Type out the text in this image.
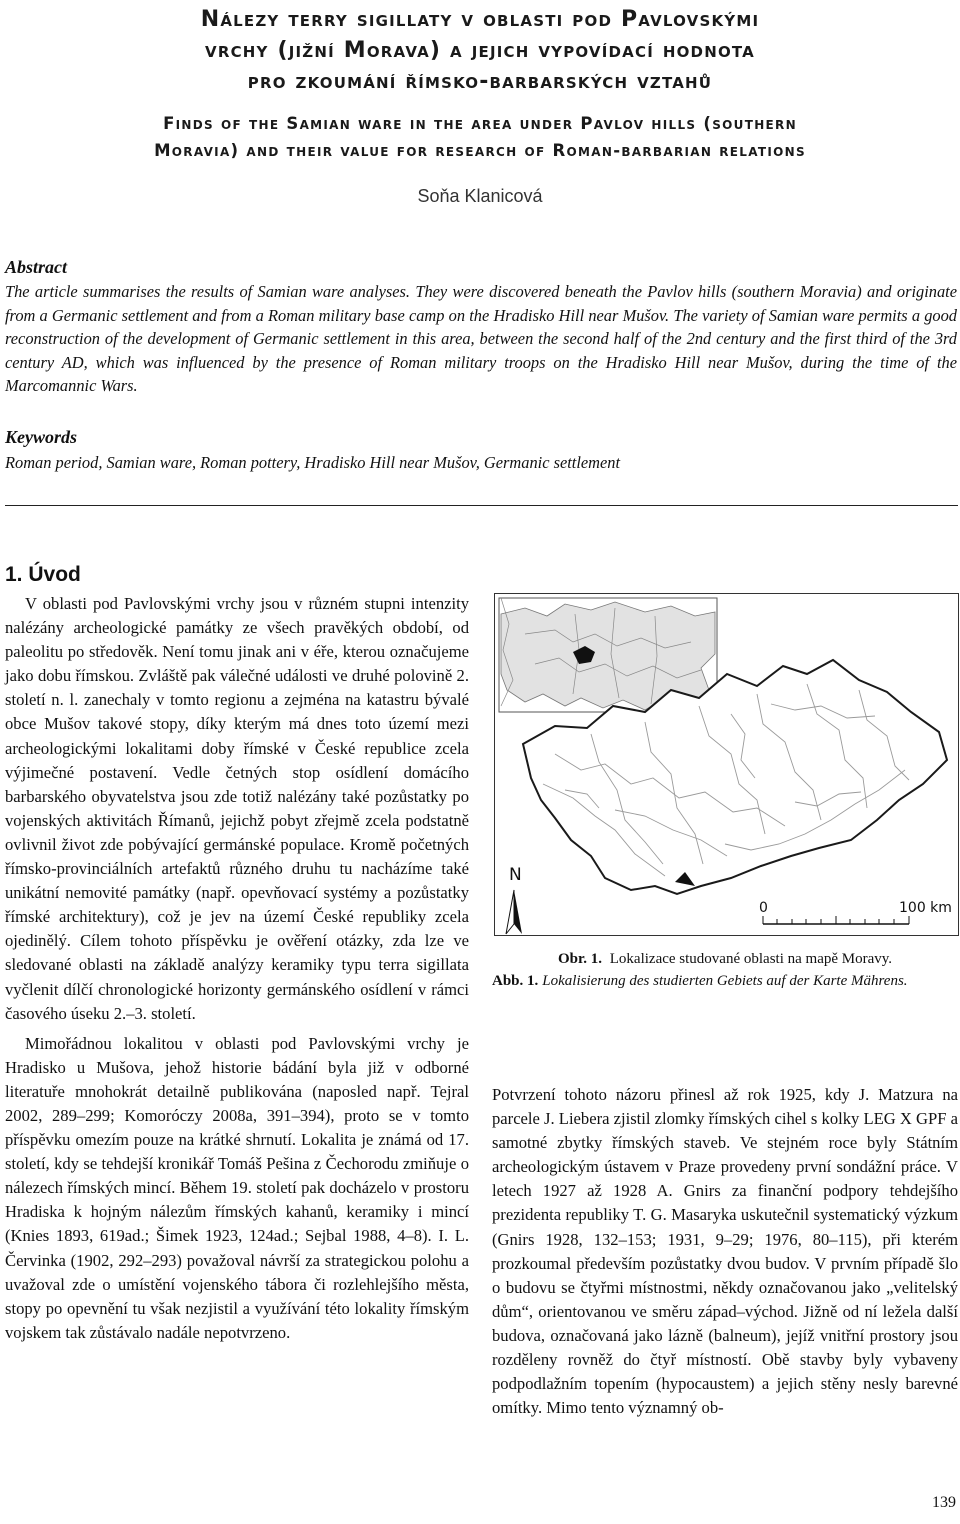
Nálezy terry sigillaty v oblasti pod Pavlovskými
vrchy (jižní Morava) a jejich vypovídací hodnota
pro zkoumání římsko-barbarských vztahů
Finds of the Samian ware in the area under Pavlov hills (southern
Moravia) and their value for research of Roman-barbarian relations
Soňa Klanicová
Abstract
The article summarises the results of Samian ware analyses. They were discovered beneath the Pavlov hills (southern Moravia) and originate from a Germanic settlement and from a Roman military base camp on the Hradisko Hill near Mušov. The variety of Samian ware permits a good reconstruction of the development of Germanic settlement in this area, between the second half of the 2nd century and the first third of the 3rd century AD, which was influenced by the presence of Roman military troops on the Hradisko Hill near Mušov, during the time of the Marcomannic Wars.
Keywords
Roman period, Samian ware, Roman pottery, Hradisko Hill near Mušov, Germanic settlement
1. Úvod

V oblasti pod Pavlovskými vrchy jsou v různém stupni intenzity nalézány archeologické památky ze všech pravěkých období, od paleolitu po středověk. Není tomu jinak ani v éře, kterou označujeme jako dobu římskou. Zvláště pak válečné události ve druhé polovině 2. století n. l. zanechaly v tomto regionu a zejména na katastru bývalé obce Mušov takové stopy, díky kterým má dnes toto území mezi archeologickými lokalitami doby římské v České republice zcela výjimečné postavení. Vedle četných stop osídlení domácího barbarského obyvatelstva jsou zde totiž nalézány také pozůstatky po vojenských aktivitách Římanů, jejichž pobyt zřejmě zcela podstatně ovlivnil život zde pobývající germánské populace. Kromě početných římsko-provinciálních artefaktů různého druhu tu nacházíme také unikátní nemovité památky (např. opevňovací systémy a pozůstatky římské architektury), což je jev na území České republiky zcela ojedinělý. Cílem tohoto příspěvku je ověření otázky, zda lze ve sledované oblasti na základě analýzy keramiky typu terra sigillata vyčlenit dílčí chronologické horizonty germánského osídlení v rámci časového úseku 2.–3. století.

Mimořádnou lokalitou v oblasti pod Pavlovskými vrchy je Hradisko u Mušova, jehož historie bádání byla již v odborné literatuře mnohokrát detailně publikována (naposled např. Tejral 2002, 289–299; Komoróczy 2008a, 391–394), proto se v tomto příspěvku omezím pouze na krátké shrnutí. Lokalita je známá od 17. století, kdy se tehdejší kronikář Tomáš Pešina z Čechorodu zmiňuje o nálezech římských mincí. Během 19. století pak docházelo v prostoru Hradiska k hojným nálezům římských kahanů, keramiky i mincí (Knies 1893, 619ad.; Šimek 1923, 124ad.; Sejbal 1988, 4–8). I. L. Červinka (1902, 292–293) považoval návrší za strategickou polohu a uvažoval zde o umístění vojenského tábora či rozlehlejšího města, stopy po opevnění tu však nezjistil a využívání této lokality římským vojskem tak zůstávalo nadále nepotvrzeno.

N
0	100 km
Obr. 1. Lokalizace studované oblasti na mapě Moravy.
Abb. 1. Lokalisierung des studierten Gebiets auf der Karte Mährens.

Potvrzení tohoto názoru přinesl až rok 1925, kdy J. Matzura na parcele J. Liebera zjistil zlomky římských cihel s kolky LEG X GPF a samotné zbytky římských staveb. Ve stejném roce byly Státním archeologickým ústavem v Praze provedeny první sondážní práce. V letech 1927 až 1928 A. Gnirs za finanční podpory tehdejšího prezidenta republiky T. G. Masaryka uskutečnil systematický výzkum (Gnirs 1928, 132–153; 1931, 9–29; 1976, 80–115), při kterém prozkoumal především pozůstatky dvou budov. V prvním případě šlo o budovu se čtyřmi místnostmi, někdy označovanou jako „velitelský dům“, orientovanou ve směru západ–východ. Jižně od ní ležela další budova, označovaná jako lázně (balneum), jejíž vnitřní prostory jsou rozděleny rovněž do čtyř místností. Obě stavby byly vybaveny podpodlažním topením (hypocaustem) a jejich stěny nesly barevné omítky. Mimo tento významný ob-

139
